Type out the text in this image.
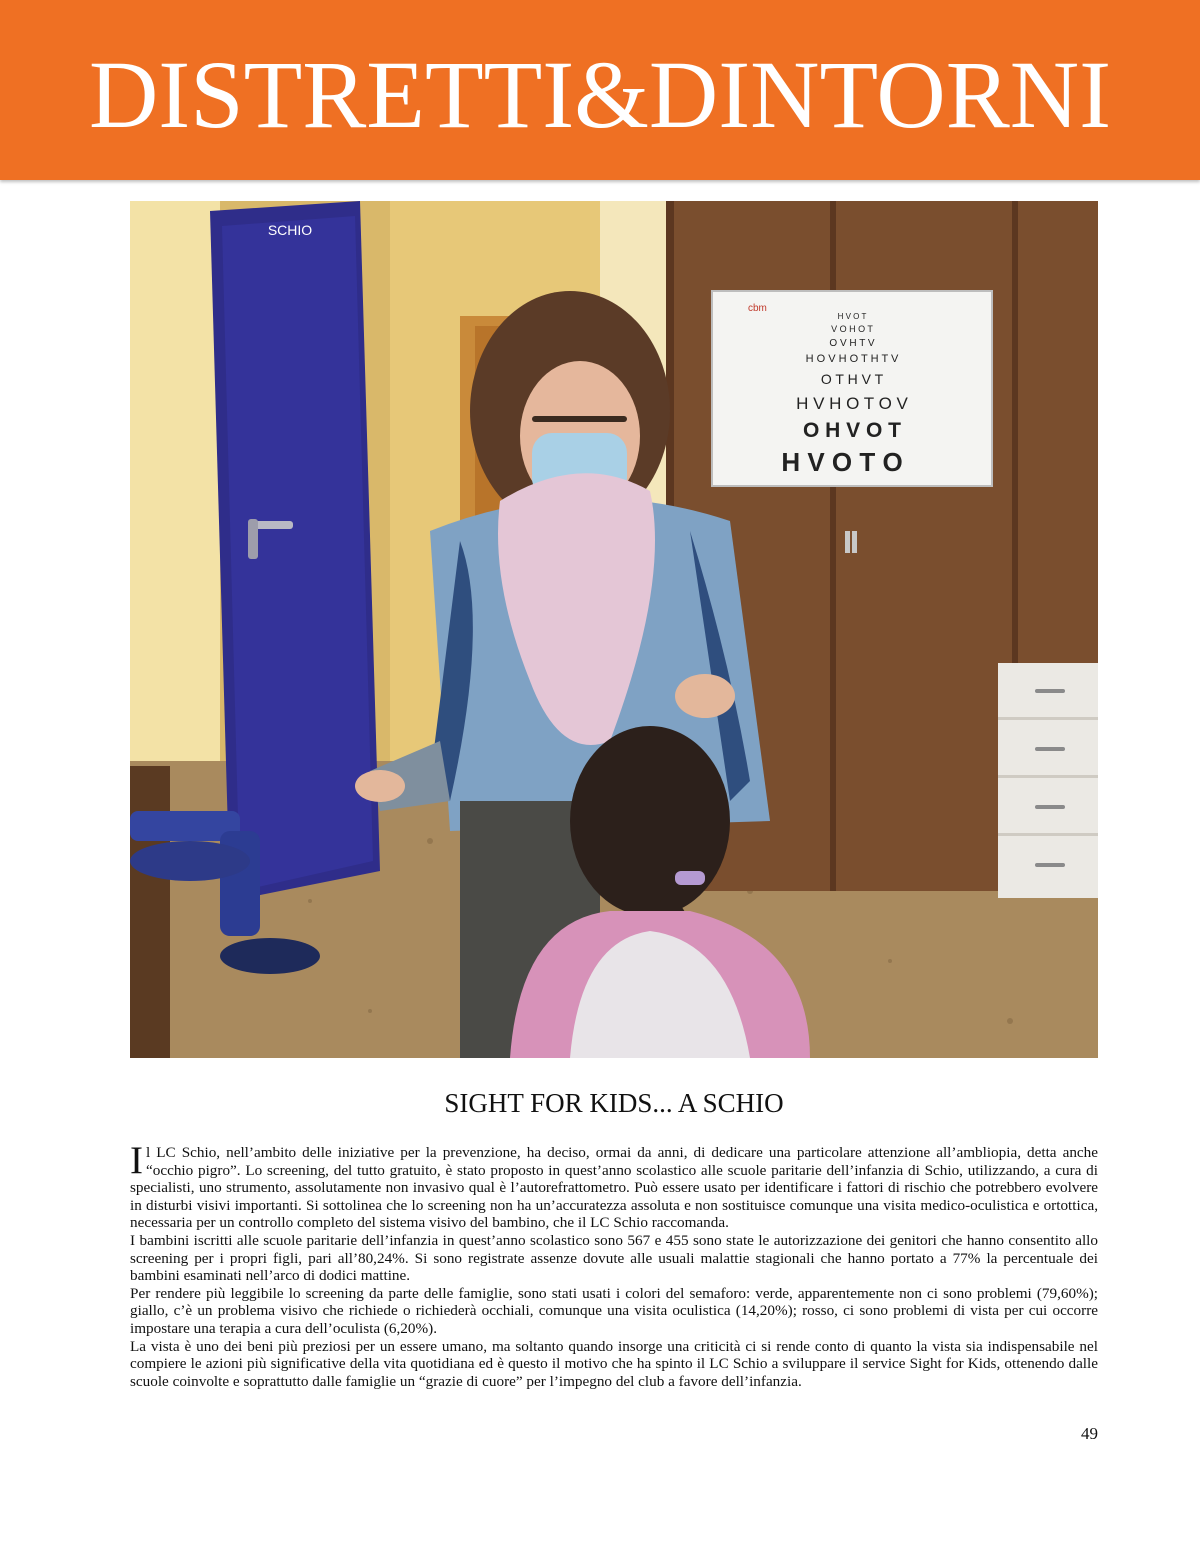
DISTRETTI&DINTORNI
SCHIO
cbm
H V O T
V O H O T
O V H T V
H O V H O T H T V
O T H V T
H V H O T O V
O H V O T
H V O T O
SIGHT FOR KIDS... A SCHIO

Il LC Schio, nell’ambito delle iniziative per la prevenzione, ha deciso, ormai da anni, di dedicare una particolare attenzione all’ambliopia, detta anche “occhio pigro”. Lo screening, del tutto gratuito, è stato proposto in quest’anno scolastico alle scuole paritarie dell’infanzia di Schio, utilizzando, a cura di specialisti, uno strumento, assolutamente non invasivo qual è l’autorefrattometro. Può essere usato per identificare i fattori di rischio che potrebbero evolvere in disturbi visivi importanti. Si sottolinea che lo screening non ha un’accuratezza assoluta e non sostituisce comunque una visita medico-oculistica e ortottica, necessaria per un controllo completo del sistema visivo del bambino, che il LC Schio raccomanda.

I bambini iscritti alle scuole paritarie dell’infanzia in quest’anno scolastico sono 567 e 455 sono state le autorizzazione dei genitori che hanno consentito allo screening per i propri figli, pari all’80,24%. Si sono registrate assenze dovute alle usuali malattie stagionali che hanno portato a 77% la percentuale dei bambini esaminati nell’arco di dodici mattine.

Per rendere più leggibile lo screening da parte delle famiglie, sono stati usati i colori del semaforo: verde, apparentemente non ci sono problemi (79,60%); giallo, c’è un problema visivo che richiede o richiederà occhiali, comunque una visita oculistica (14,20%); rosso, ci sono problemi di vista per cui occorre impostare una terapia a cura dell’oculista (6,20%).

La vista è uno dei beni più preziosi per un essere umano, ma soltanto quando insorge una criticità ci si rende conto di quanto la vista sia indispensabile nel compiere le azioni più significative della vita quotidiana ed è questo il motivo che ha spinto il LC Schio a sviluppare il service Sight for Kids, ottenendo dalle scuole coinvolte e soprattutto dalle famiglie un “grazie di cuore” per l’impegno del club a favore dell’infanzia.

49
